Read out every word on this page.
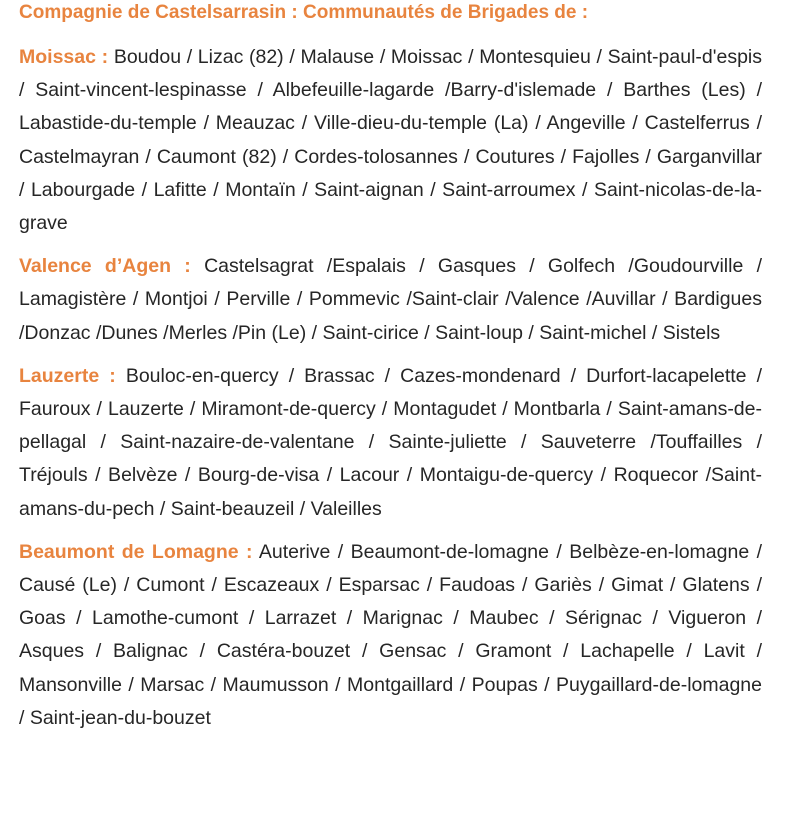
Compagnie de Castelsarrasin : Communautés de Brigades de :

Moissac : Boudou / Lizac (82) / Malause / Moissac / Montesquieu / Saint-paul-d'espis / Saint-vincent-lespinasse / Albefeuille-lagarde /Barry-d'islemade / Barthes (Les) / Labastide-du-temple / Meauzac / Ville-dieu-du-temple (La) / Angeville / Castelferrus / Castelmayran / Caumont (82) / Cordes-tolosannes / Coutures / Fajolles / Garganvillar / Labourgade / Lafitte / Montaïn / Saint-aignan / Saint-arroumex / Saint-nicolas-de-la-grave

Valence d’Agen : Castelsagrat /Espalais / Gasques / Golfech /Goudourville / Lamagistère / Montjoi / Perville / Pommevic /Saint-clair /Valence /Auvillar / Bardigues /Donzac /Dunes /Merles /Pin (Le) / Saint-cirice / Saint-loup / Saint-michel / Sistels

Lauzerte : Bouloc-en-quercy / Brassac / Cazes-mondenard / Durfort-lacapelette / Fauroux / Lauzerte / Miramont-de-quercy / Montagudet / Montbarla / Saint-amans-de-pellagal / Saint-nazaire-de-valentane / Sainte-juliette / Sauveterre /Touffailles / Tréjouls / Belvèze / Bourg-de-visa / Lacour / Montaigu-de-quercy / Roquecor /Saint-amans-du-pech / Saint-beauzeil / Valeilles

Beaumont de Lomagne : Auterive / Beaumont-de-lomagne / Belbèze-en-lomagne / Causé (Le) / Cumont / Escazeaux / Esparsac / Faudoas / Gariès / Gimat / Glatens / Goas / Lamothe-cumont / Larrazet / Marignac / Maubec / Sérignac / Vigueron / Asques / Balignac / Castéra-bouzet / Gensac / Gramont / Lachapelle / Lavit / Mansonville / Marsac / Maumusson / Montgaillard / Poupas / Puygaillard-de-lomagne / Saint-jean-du-bouzet
